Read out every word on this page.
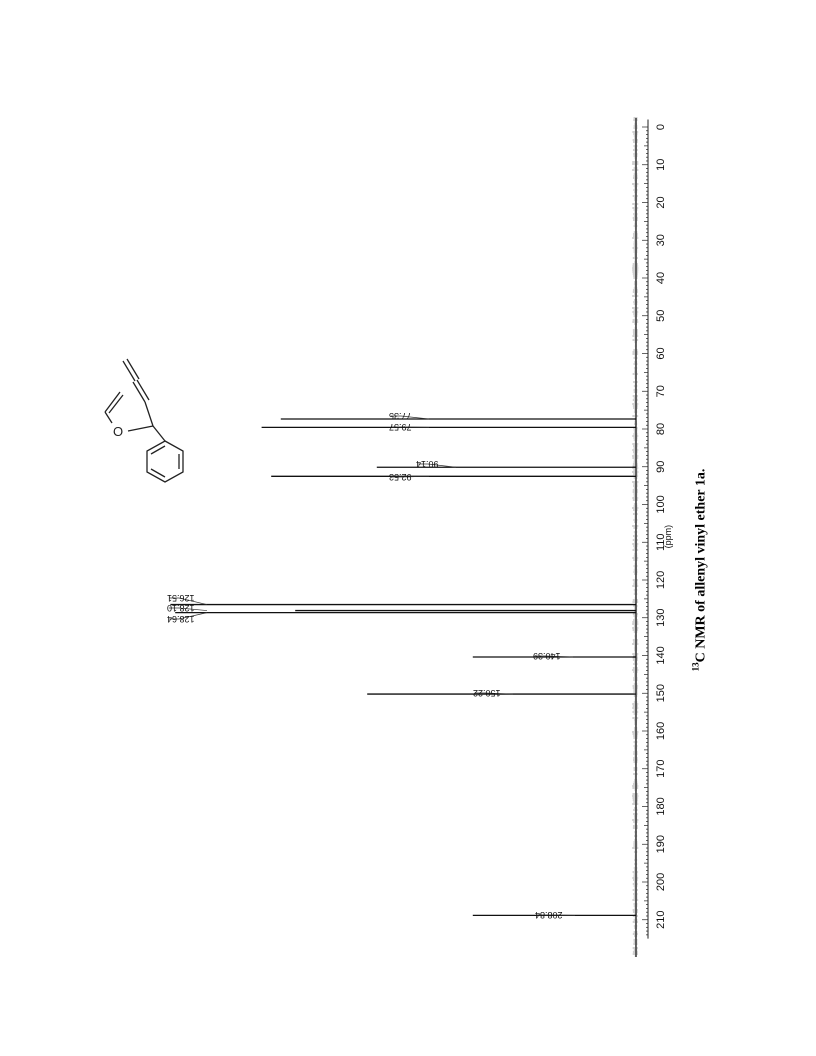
0
10
20
30
40
50
60
70
80
90
100
110
120
130
140
150
160
170
180
190
200
210
(ppm)
77.35
79.57
90.14
92.53
126.51
128.10
128.64
140.39
150.22
208.84
O
$^{13}$C NMR of allenyl vinyl ether 1a.
